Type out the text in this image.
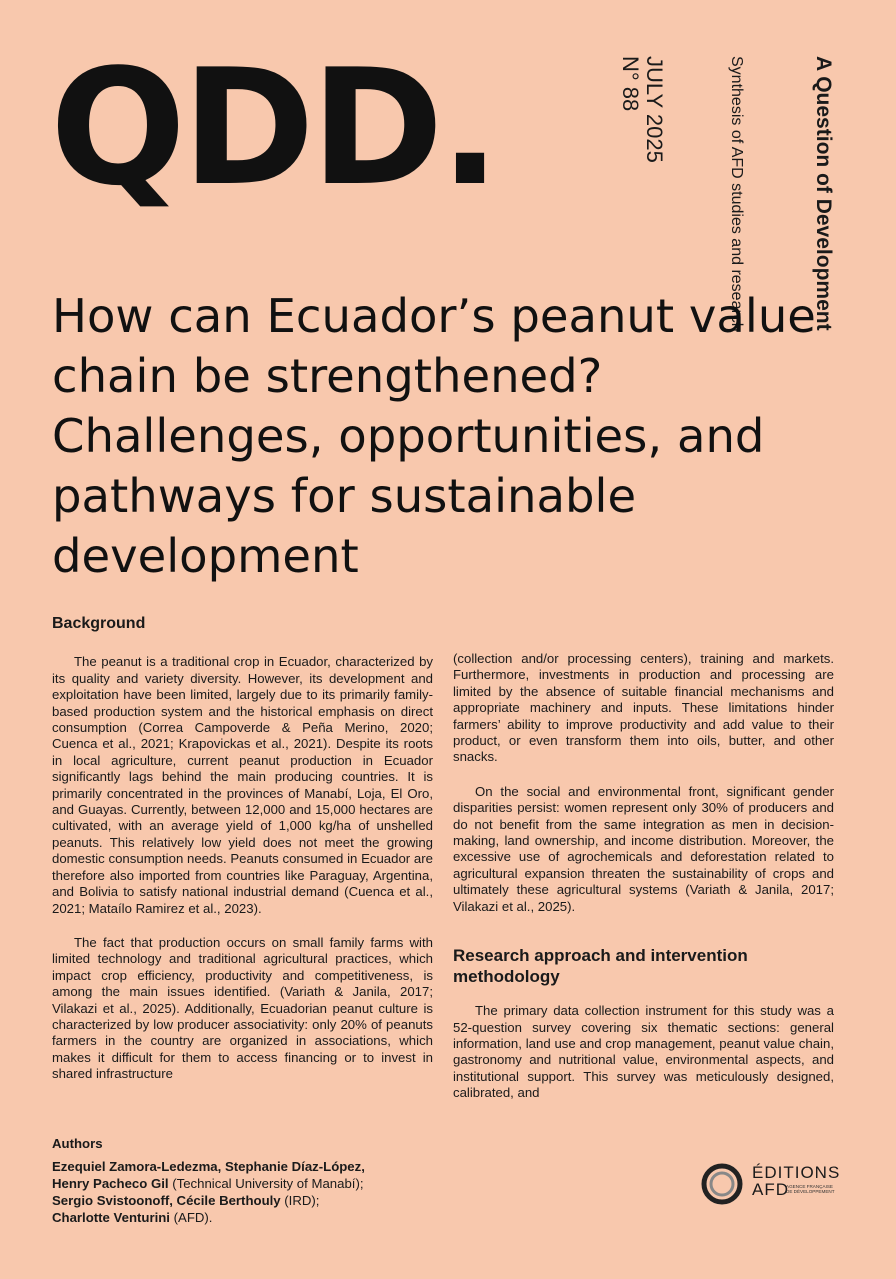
QDD.	A Question of Development
Synthesis of AFD studies and research
JULY 2025
N° 88
How can Ecuador’s peanut value chain be strengthened? Challenges, opportunities, and pathways for sustainable development
Background

The peanut is a traditional crop in Ecuador, characterized by its quality and variety diversity. However, its development and exploitation have been limited, largely due to its primarily family-based production system and the historical emphasis on direct consumption (Correa Campoverde & Peña Merino, 2020; Cuenca et al., 2021; Krapovickas et al., 2021). Despite its roots in local agriculture, current peanut production in Ecuador significantly lags behind the main producing countries. It is primarily concentrated in the provinces of Manabí, Loja, El Oro, and Guayas. Currently, between 12,000 and 15,000 hectares are cultivated, with an average yield of 1,000 kg/ha of unshelled peanuts. This relatively low yield does not meet the growing domestic consumption needs. Peanuts consumed in Ecuador are therefore also imported from countries like Paraguay, Argentina, and Bolivia to satisfy national industrial demand (Cuenca et al., 2021; Mataílo Ramirez et al., 2023).

The fact that production occurs on small family farms with limited technology and traditional agricultural practices, which impact crop efficiency, productivity and competitiveness, is among the main issues identified. (Variath & Janila, 2017; Vilakazi et al., 2025). Additionally, Ecuadorian peanut culture is characterized by low producer associativity: only 20% of peanuts farmers in the country are organized in associations, which makes it difficult for them to access financing or to invest in shared infrastructure

(collection and/or processing centers), training and markets. Furthermore, investments in production and processing are limited by the absence of suitable financial mechanisms and appropriate machinery and inputs. These limitations hinder farmers’ ability to improve productivity and add value to their product, or even transform them into oils, butter, and other snacks.

On the social and environmental front, significant gender disparities persist: women represent only 30% of producers and do not benefit from the same integration as men in decision-making, land ownership, and income distribution. Moreover, the excessive use of agrochemicals and deforestation related to agricultural expansion threaten the sustainability of crops and ultimately these agricultural systems (Variath & Janila, 2017; Vilakazi et al., 2025).

Research approach and intervention methodology

The primary data collection instrument for this study was a 52-question survey covering six thematic sections: general information, land use and crop management, peanut value chain, gastronomy and nutritional value, environmental aspects, and institutional support. This survey was meticulously designed, calibrated, and

Authors
Ezequiel Zamora-Ledezma, Stephanie Díaz-López,
Henry Pacheco Gil (Technical University of Manabí);
Sergio Svistoonoff, Cécile Berthouly (IRD);
Charlotte Venturini (AFD).
ÉDITIONS
AFD
AGENCE FRANÇAISE DE DÉVELOPPEMENT
